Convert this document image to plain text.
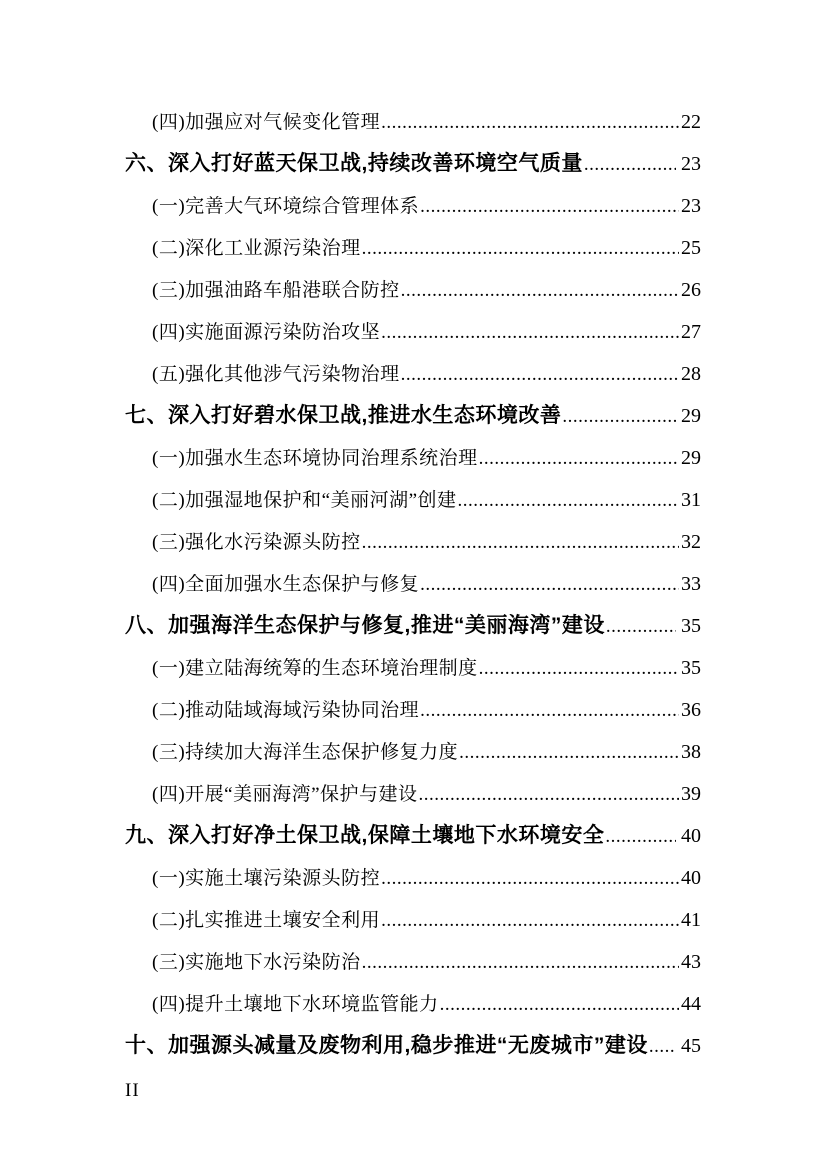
(四)加强应对气候变化管理 .....	22
六、深入打好蓝天保卫战,持续改善环境空气质量 .....	23
(一)完善大气环境综合管理体系 .....	23
(二)深化工业源污染治理 .....	25
(三)加强油路车船港联合防控 .....	26
(四)实施面源污染防治攻坚 .....	27
(五)强化其他涉气污染物治理 .....	28
七、深入打好碧水保卫战,推进水生态环境改善 .....	29
(一)加强水生态环境协同治理系统治理 .....	29
(二)加强湿地保护和“美丽河湖”创建 .....	31
(三)强化水污染源头防控 .....	32
(四)全面加强水生态保护与修复 .....	33
八、加强海洋生态保护与修复,推进“美丽海湾”建设 .....	35
(一)建立陆海统筹的生态环境治理制度 .....	35
(二)推动陆域海域污染协同治理 .....	36
(三)持续加大海洋生态保护修复力度 .....	38
(四)开展“美丽海湾”保护与建设 .....	39
九、深入打好净土保卫战,保障土壤地下水环境安全 .....	40
(一)实施土壤污染源头防控 .....	40
(二)扎实推进土壤安全利用 .....	41
(三)实施地下水污染防治 .....	43
(四)提升土壤地下水环境监管能力 .....	44
十、加强源头减量及废物利用,稳步推进“无废城市”建设 ..... 45
II
